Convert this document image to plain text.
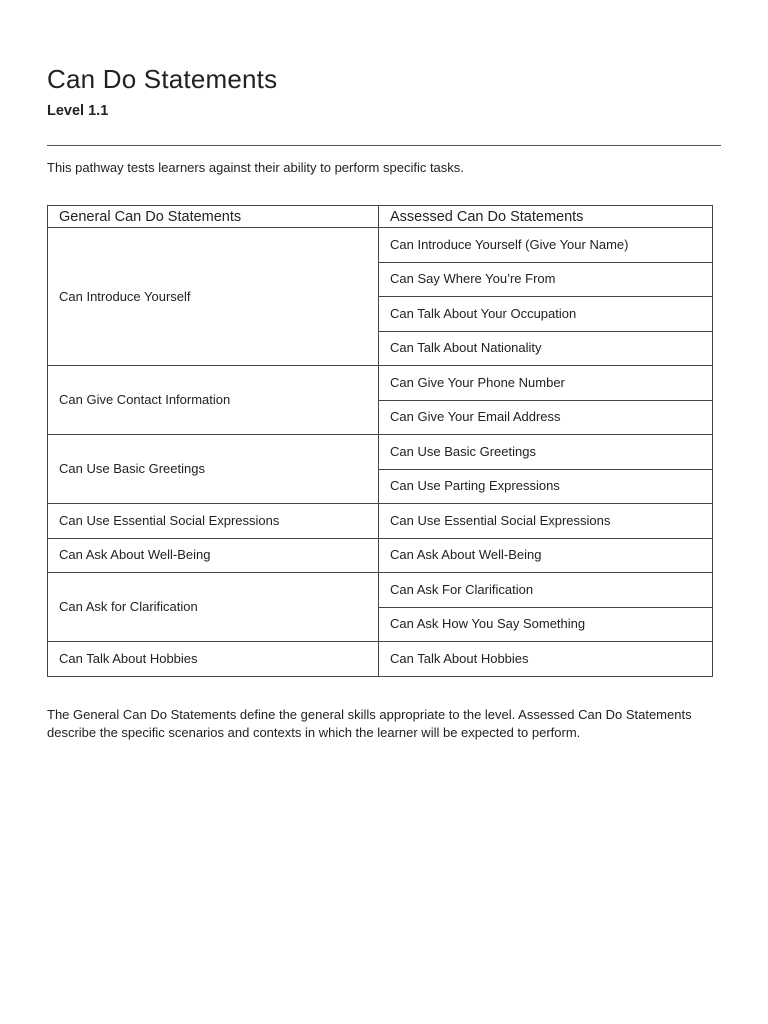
Can Do Statements
Level 1.1

This pathway tests learners against their ability to perform specific tasks.

General Can Do Statements	Assessed Can Do Statements
Can Introduce Yourself	Can Introduce Yourself (Give Your Name)
	Can Say Where You’re From
	Can Talk About Your Occupation
	Can Talk About Nationality
Can Give Contact Information	Can Give Your Phone Number
	Can Give Your Email Address
Can Use Basic Greetings	Can Use Basic Greetings
	Can Use Parting Expressions
Can Use Essential Social Expressions	Can Use Essential Social Expressions
Can Ask About Well-Being	Can Ask About Well-Being
Can Ask for Clarification	Can Ask For Clarification
	Can Ask How You Say Something
Can Talk About Hobbies	Can Talk About Hobbies

The General Can Do Statements define the general skills appropriate to the level. Assessed Can Do Statements describe the specific scenarios and contexts in which the learner will be expected to perform.
